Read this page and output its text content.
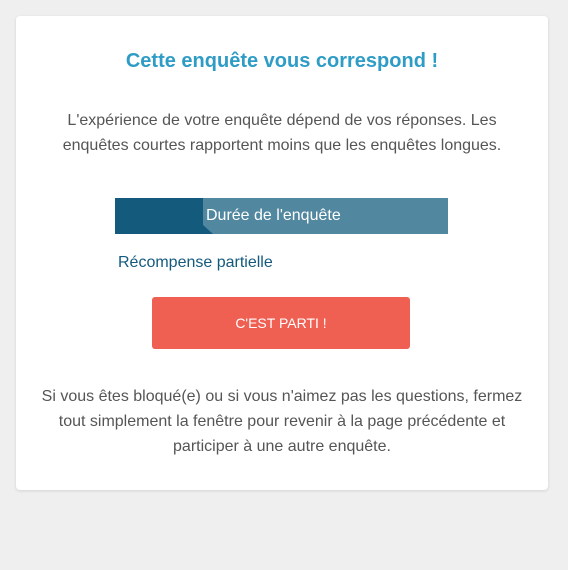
Cette enquête vous correspond !

L'expérience de votre enquête dépend de vos réponses. Les enquêtes courtes rapportent moins que les enquêtes longues.

Durée de l'enquête
Récompense partielle
C'EST PARTI !

Si vous êtes bloqué(e) ou si vous n'aimez pas les questions, fermez tout simplement la fenêtre pour revenir à la page précédente et participer à une autre enquête.
